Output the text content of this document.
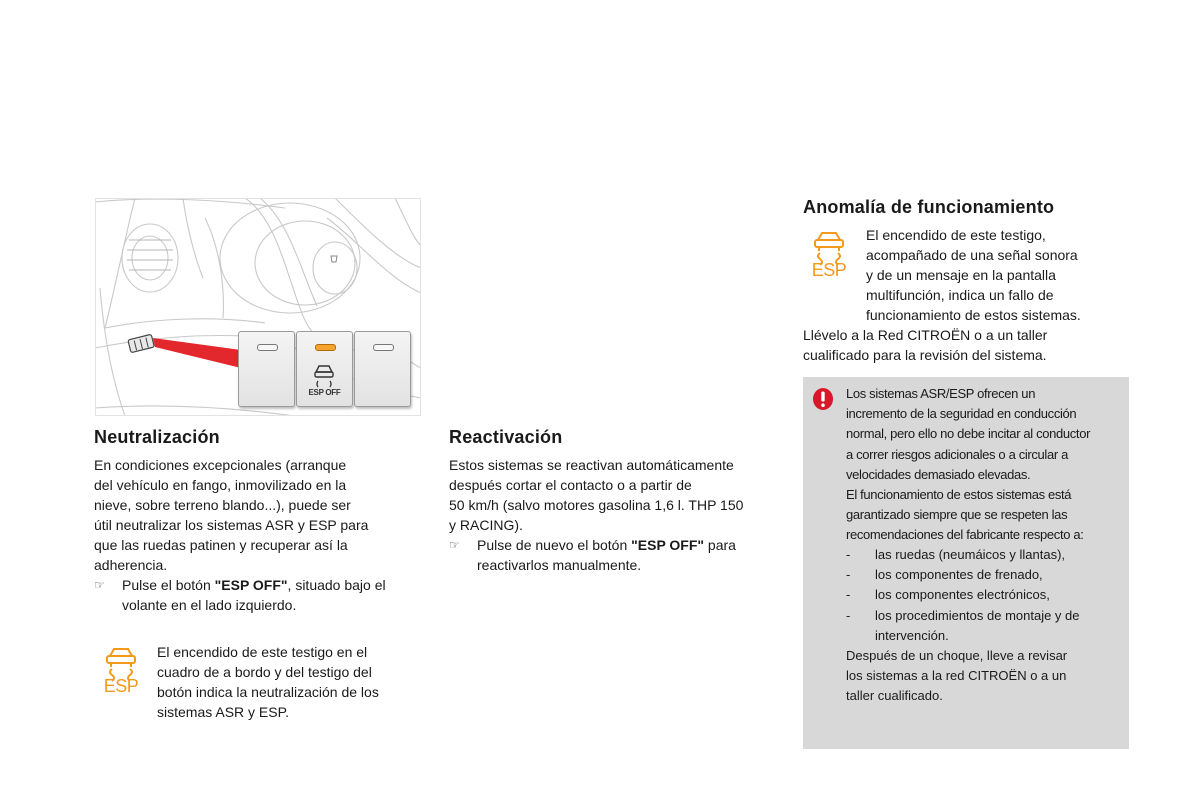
ESP OFF
Neutralización

En condiciones excepcionales (arranque

del vehículo en fango, inmovilizado en la

nieve, sobre terreno blando...), puede ser

útil neutralizar los sistemas ASR y ESP para

que las ruedas patinen y recuperar así la

adherencia.

☞	Pulse el botón "ESP OFF", situado bajo el
volante en el lado izquierdo.
ESP

El encendido de este testigo en el

cuadro de a bordo y del testigo del

botón indica la neutralización de los

sistemas ASR y ESP.

Reactivación

Estos sistemas se reactivan automáticamente

después cortar el contacto o a partir de

50 km/h (salvo motores gasolina 1,6 l. THP 150

y RACING).

☞	Pulse de nuevo el botón "ESP OFF" para
reactivarlos manualmente.
Anomalía de funcionamiento
ESP

El encendido de este testigo,

acompañado de una señal sonora

y de un mensaje en la pantalla

multifunción, indica un fallo de

funcionamiento de estos sistemas.

Llévelo a la Red CITROËN o a un taller

cualificado para la revisión del sistema.

Los sistemas ASR/ESP ofrecen un

incremento de la seguridad en conducción

normal, pero ello no debe incitar al conductor

a correr riesgos adicionales o a circular a

velocidades demasiado elevadas.

El funcionamiento de estos sistemas está

garantizado siempre que se respeten las

recomendaciones del fabricante respecto a:

-	las ruedas (neumáicos y llantas),
-	los componentes de frenado,
-	los componentes electrónicos,
-	los procedimientos de montaje y de
intervención.

Después de un choque, lleve a revisar

los sistemas a la red CITROËN o a un

taller cualificado.
